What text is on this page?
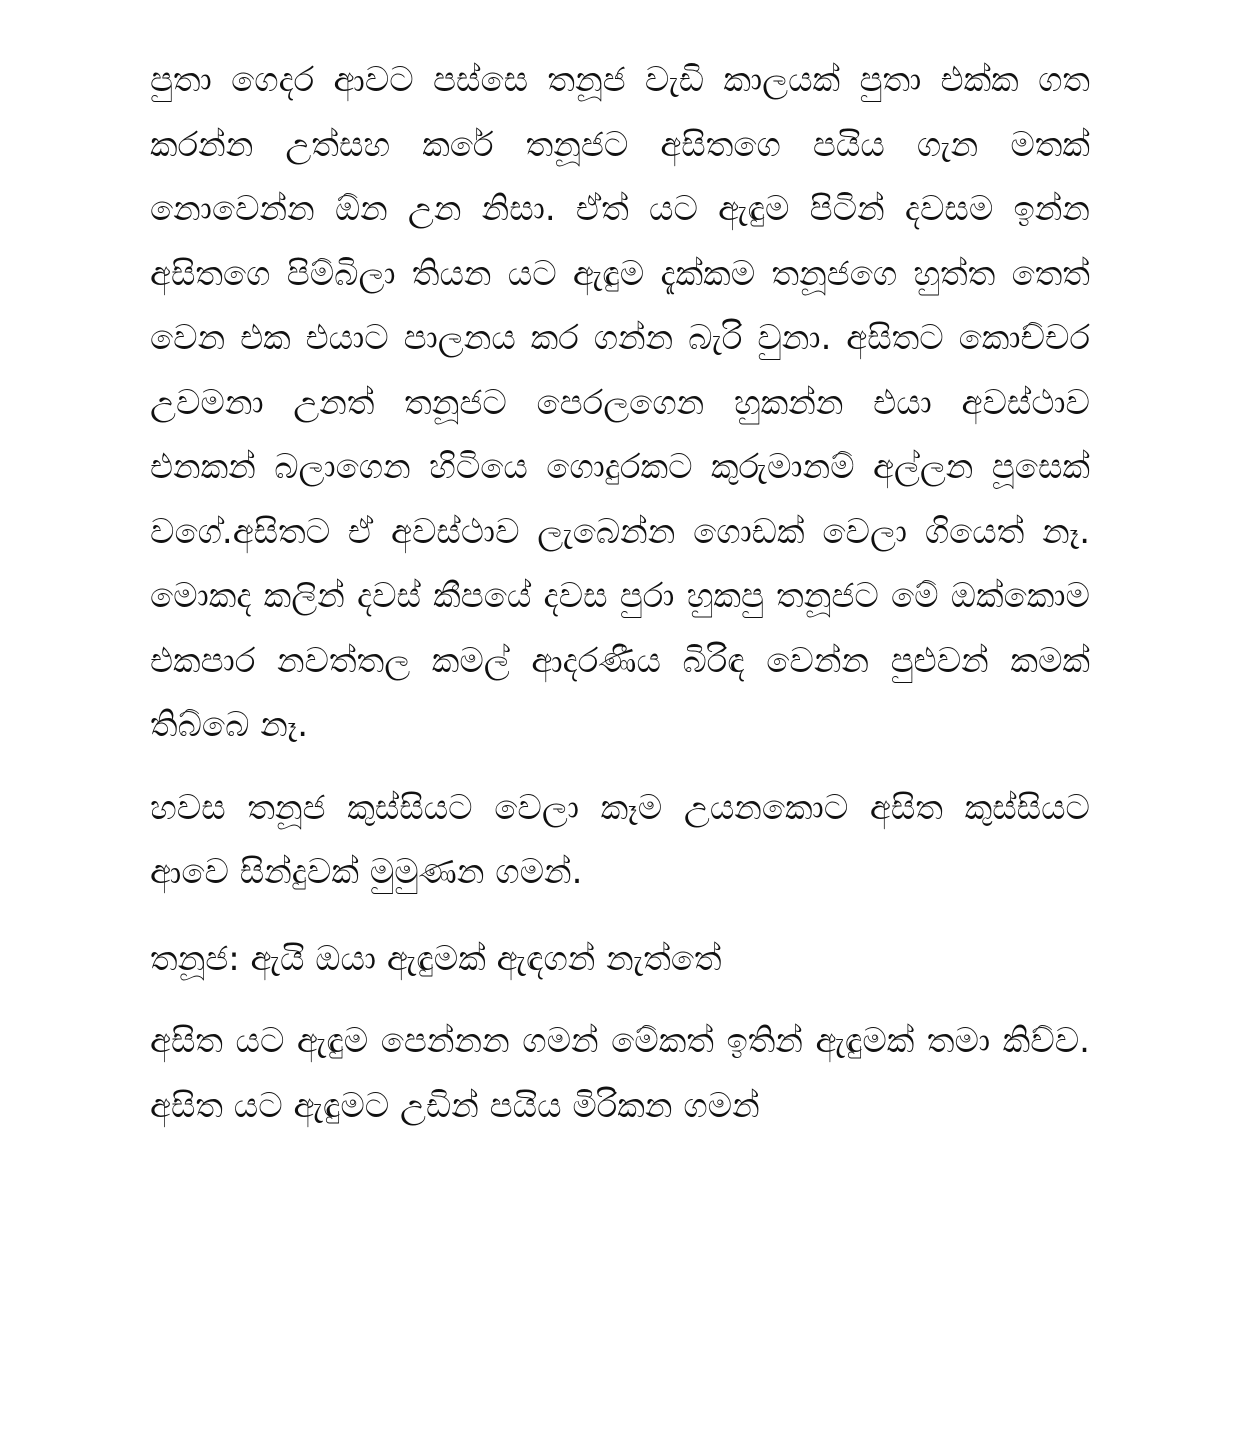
පුතා ගෙදර ආවට පස්සෙ තනූජ වැඩි කාලයක් පුතා එක්ක ගත කරන්න උත්සහ කරේ තනූජට අසිතගෙ පයිය ගැන මතක් නොවෙන්න ඕන උන නිසා. ඒත් යට ඇඳුම පිටින් දවසම ඉන්න අසිතගෙ පිම්බිලා තියන යට ඇඳුම දැක්කම තනූජගෙ හුත්ත තෙත් වෙන එක එයාට පාලනය කර ගන්න බැරි වුනා. අසිතට කොච්චර උවමනා උනත් තනූජට පෙරලගෙන හුකන්න එයා අවස්ථාව එනකන් බලාගෙන හිටියෙ ගොදුරකට කුරුමානම් අල්ලන පූසෙක් වගේ.අසිතට ඒ අවස්ථාව ලැබෙන්න ගොඩක් වෙලා ගියෙත් නෑ. මොකද කලින් දවස් කීපයේ දවස පුරා හුකපු තනූජට මේ ඔක්කොම එකපාර නවත්තල කමල් ආදරණීය බිරිඳ වෙන්න පුළුවන් කමක් තිබ්බෙ නෑ.

හවස තනූජ කුස්සියට වෙලා කෑම උයනකොට අසිත කුස්සියට ආවෙ සින්දුවක් මුමුණන ගමන්.

තනූජ: ඇයි ඔයා ඇඳුමක් ඇඳගන් නැත්තේ

අසිත යට ඇඳුම පෙන්නන ගමන් මේකත් ඉතින් ඇඳුමක් තමා කිව්ව. අසිත යට ඇඳුමට උඩින් පයිය මිරිකන ගමන්
